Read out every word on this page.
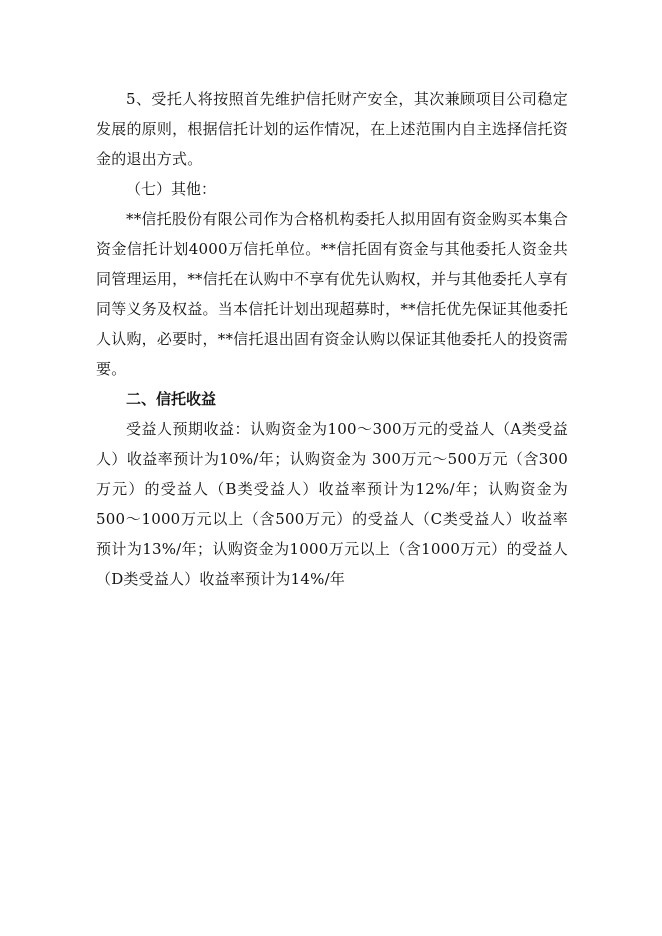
5、受托人将按照首先维护信托财产安全，其次兼顾项目公司稳定发展的原则，根据信托计划的运作情况，在上述范围内自主选择信托资金的退出方式。

（七）其他：

**信托股份有限公司作为合格机构委托人拟用固有资金购买本集合资金信托计划4000万信托单位。**信托固有资金与其他委托人资金共同管理运用，**信托在认购中不享有优先认购权，并与其他委托人享有同等义务及权益。当本信托计划出现超募时，**信托优先保证其他委托人认购，必要时，**信托退出固有资金认购以保证其他委托人的投资需要。

二、信托收益

受益人预期收益：认购资金为100～300万元的受益人（A类受益人）收益率预计为10%/年；认购资金为 300万元～500万元（含300万元）的受益人（B类受益人）收益率预计为12%/年；认购资金为500～1000万元以上（含500万元）的受益人（C类受益人）收益率预计为13%/年；认购资金为1000万元以上（含1000万元）的受益人（D类受益人）收益率预计为14%/年
